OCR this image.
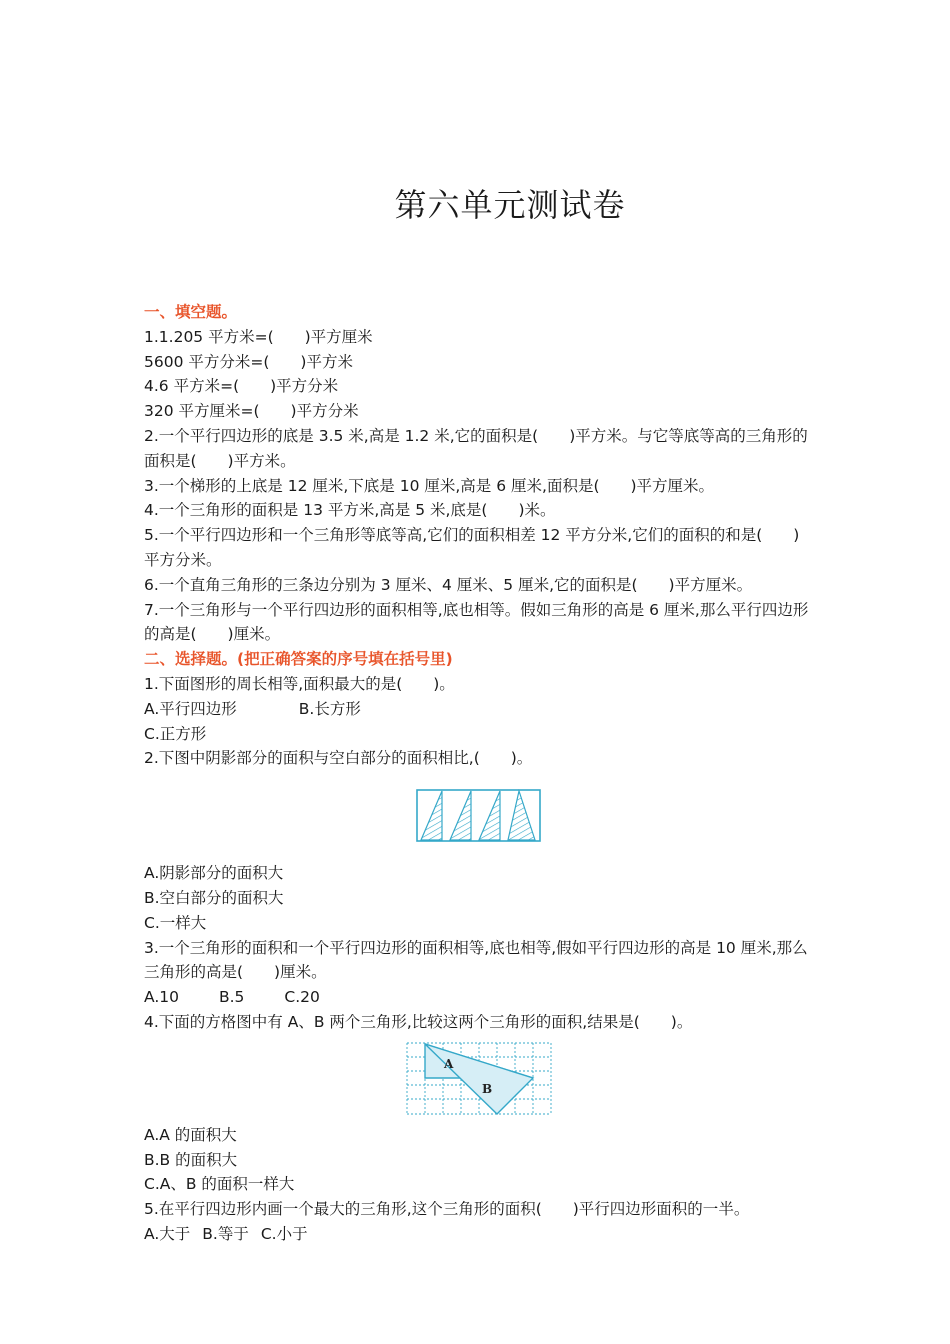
第六单元测试卷
一、填空题。
1.1.205 平方米=(　　)平方厘米
5600 平方分米=(　　)平方米
4.6 平方米=(　　)平方分米
320 平方厘米=(　　)平方分米
2.一个平行四边形的底是 3.5 米,高是 1.2 米,它的面积是(　　)平方米。与它等底等高的三角形的面积是(　　)平方米。
3.一个梯形的上底是 12 厘米,下底是 10 厘米,高是 6 厘米,面积是(　　)平方厘米。
4.一个三角形的面积是 13 平方米,高是 5 米,底是(　　)米。
5.一个平行四边形和一个三角形等底等高,它们的面积相差 12 平方分米,它们的面积的和是(　　)平方分米。
6.一个直角三角形的三条边分别为 3 厘米、4 厘米、5 厘米,它的面积是(　　)平方厘米。
7.一个三角形与一个平行四边形的面积相等,底也相等。假如三角形的高是 6 厘米,那么平行四边形的高是(　　)厘米。
二、选择题。(把正确答案的序号填在括号里)
1.下面图形的周长相等,面积最大的是(　　)。
A.平行四边形	B.长方形
C.正方形
2.下图中阴影部分的面积与空白部分的面积相比,(　　)。
A.阴影部分的面积大
B.空白部分的面积大
C.一样大
3.一个三角形的面积和一个平行四边形的面积相等,底也相等,假如平行四边形的高是 10 厘米,那么三角形的高是(　　)厘米。
A.10	B.5	C.20
4.下面的方格图中有 A、B 两个三角形,比较这两个三角形的面积,结果是(　　)。
A
B
A.A 的面积大
B.B 的面积大
C.A、B 的面积一样大
5.在平行四边形内画一个最大的三角形,这个三角形的面积(　　)平行四边形面积的一半。
A.大于 B.等于 C.小于
